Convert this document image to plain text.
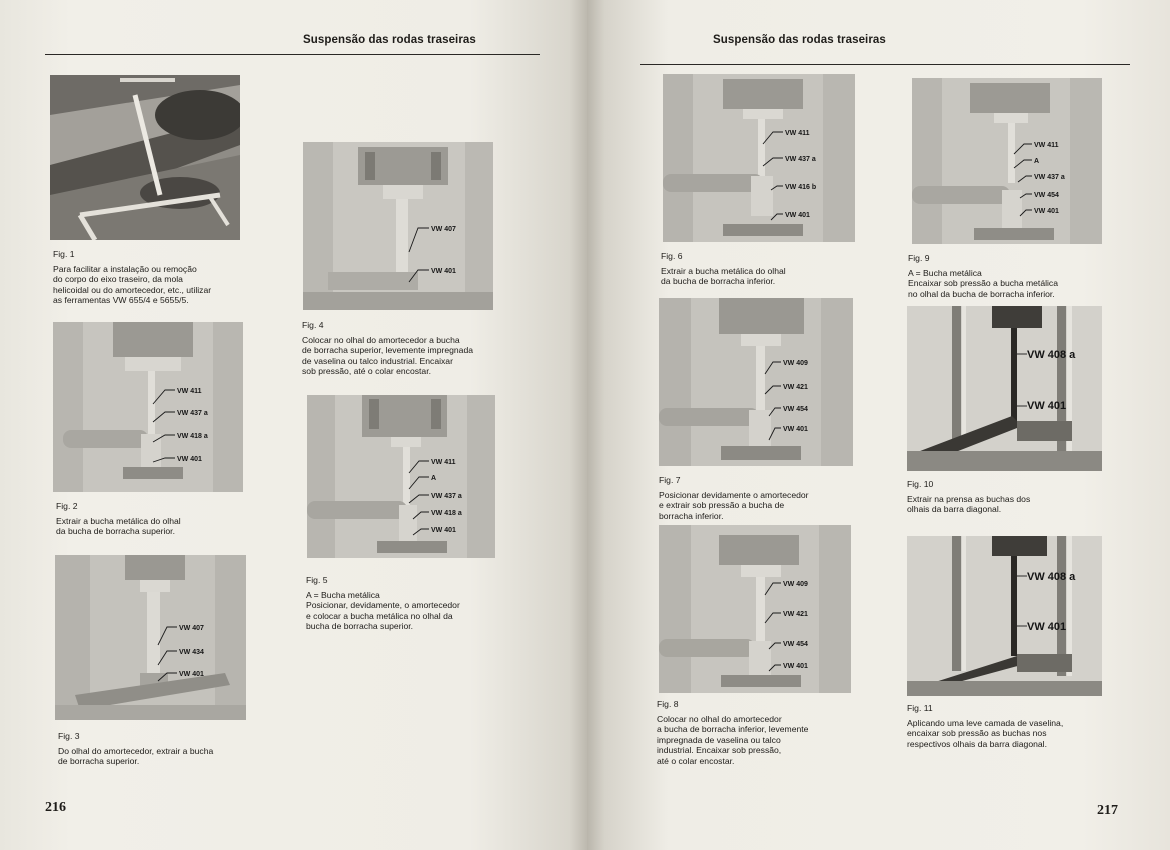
Suspensão das rodas traseiras
Fig. 1
Para facilitar a instalação ou remoção
do corpo do eixo traseiro, da mola
helicoidal ou do amortecedor, etc., utilizar
as ferramentas VW 655/4 e 5655/5.
VW 411
VW 437 a
VW 418 a
VW 401
Fig. 2
Extrair a bucha metálica do olhal
da bucha de borracha superior.
VW 407
VW 434
VW 401
Fig. 3
Do olhal do amortecedor, extrair a bucha
de borracha superior.
VW 407
VW 401
Fig. 4
Colocar no olhal do amortecedor a bucha
de borracha superior, levemente impregnada
de vaselina ou talco industrial. Encaixar
sob pressão, até o colar encostar.
VW 411
A
VW 437 a
VW 418 a
VW 401
Fig. 5
A = Bucha metálica
Posicionar, devidamente, o amortecedor
e colocar a bucha metálica no olhal da
bucha de borracha superior.
216
Suspensão das rodas traseiras
VW 411
VW 437 a
VW 416 b
VW 401
Fig. 6
Extrair a bucha metálica do olhal
da bucha de borracha inferior.
VW 409
VW 421
VW 454
VW 401
Fig. 7
Posicionar devidamente o amortecedor
e extrair sob pressão a bucha de
borracha inferior.
VW 409
VW 421
VW 454
VW 401
Fig. 8
Colocar no olhal do amortecedor
a bucha de borracha inferior, levemente
impregnada de vaselina ou talco
industrial. Encaixar sob pressão,
até o colar encostar.
VW 411
A
VW 437 a
VW 454
VW 401
Fig. 9
A = Bucha metálica
Encaixar sob pressão a bucha metálica
no olhal da bucha de borracha inferior.
VW 408 a
VW 401
Fig. 10
Extrair na prensa as buchas dos
olhais da barra diagonal.
VW 408 a
VW 401
Fig. 11
Aplicando uma leve camada de vaselina,
encaixar sob pressão as buchas nos
respectivos olhais da barra diagonal.
217
